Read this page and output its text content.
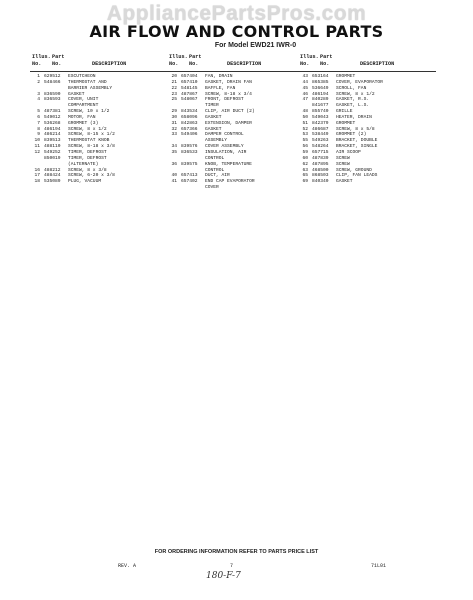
AppliancePartsPros.com
AIR FLOW AND CONTROL PARTS
For Model EWD21 IWR-0
Illus. Part
No. No.	DESCRIPTION
1 629512	ESCUTCHEON
2 548466	THERMOSTAT AND
BARRIER ASSEMBLY
3 836590	GASKET
4 836593	COVER, UNIT
COMPARTMENT
5 487381	SCREW, 10 x 1/2
6 549012	MOTOR, FAN
7 536268	GROMMET (3)
8 486194	SCREW, 8 x 1/2
9 486214	SCREW, 8-15 x 1/2
10 839513	THERMOSTAT KNOB
11 488110	SCREW, 8-18 x 3/8
12 549252	TIMER, DEFROST
850019	TIMER, DEFROST
(ALTERNATE)
16 488212	SCREW, 8 x 3/8
17 488424	SCREW, 6-20 x 3/8
18 535089	PLUG, VACUUM
Illus. Part
No. No.	DESCRIPTION
20 657404	FAN, DRAIN
21 657410	GASKET, DRAIN FAN
22 548145	BAFFLE, FAN
23 487867	SCREW, 8-18 x 3/4
25 548067	FRONT, DEFROST
TIMER
29 843534	CLIP, AIR DUCT (2)
30 658096	GASKET
31 842863	EXTENSION, DAMPER
32 657366	GASKET
33 549406	DAMPER CONTROL
ASSEMBLY
34 839576	COVER ASSEMBLY
35 836533	INSULATION, AIR
CONTROL
36 839575	KNOB, TEMPERATURE
CONTROL
40 657413	DUCT, AIR
41 657402	END CAP EVAPORATOR
COVER
Illus. Part
No. No.	DESCRIPTION
43 653164	GROMMET
44 865385	COVER, EVAPORATOR
45 536649	SCROLL, FAN
46 486194	SCREW, 8 x 1/2
47 840289	GASKET, R.S.
841677	GASKET, L.S.
48 855740	GRILLE
50 549043	HEATER, DRAIN
51 842379	GROMMET
52 486687	SCREW, 8 x 5/8
53 538449	GROMMET (2)
55 549263	BRACKET, DOUBLE
56 548264	BRACKET, SINGLE
59 657715	AIR SCOOP
60 487839	SCREW
62 487895	SCREW
63 468500	SCREW, GROUND
65 868503	CLIP, FAN LEADS
69 840340	GASKET
FOR ORDERING INFORMATION REFER TO PARTS PRICE LIST
REV. A	7	71L01
180-F-7
